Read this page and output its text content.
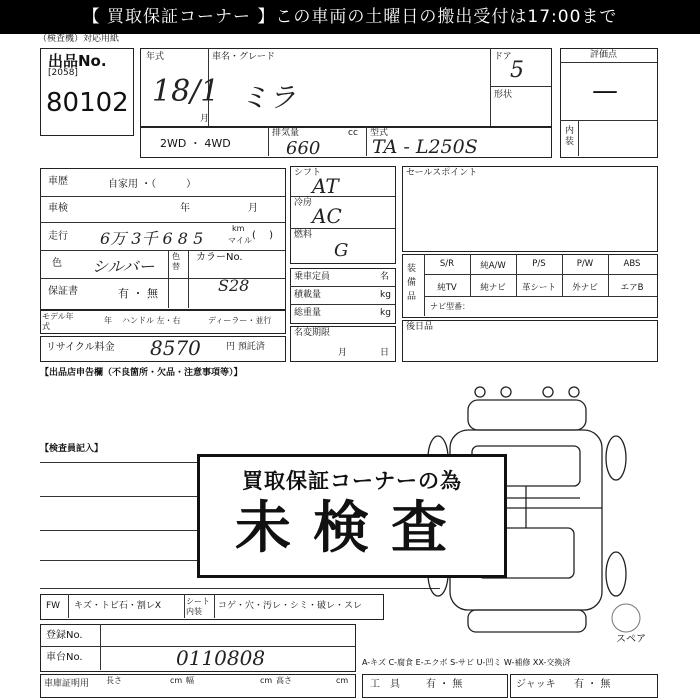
【 買取保証コーナー 】この車両の土曜日の搬出受付は17:00まで
（検査機）対応用紙
出品No.
[2058]
80102
年式
18/1
月
車名・グレード
ミラ
ドア
5
形状
評価点
—
内装
2WD ・ 4WD
排気量	cc
660
型式
TA - L250S
車歴	自家用 ・（　　　）
車検	年	月
走行 6万 3千 6 8 5
km
マイル ( 　)
色 シルバー
色替
カラーNo.
S28
保証書	有 ・ 無
モデル年式
年 ハンドル 左・右	ディーラー・並行
リサイクル料金 8570	円 預託済
シフト
AT
冷房
AC
燃料
G
乗車定員	名
積載量	kg
総重量	kg
名変期限
月	日
セールスポイント
装備品
S/R	純A/W	P/S	P/W	ABS
純TV	純ナビ	革シート	外ナビ	エアB
ナビ型番：
後日品
【出品店申告欄（不良箇所・欠品・注意事項等）】
【検査員記入】
スペア
買取保証コーナーの為
未検査
FW キズ・トビ石・割レX	シート内装
コゲ・穴・汚レ・シミ・破レ・スレ
登録No.
車台No.	0110808
車庫証明用 長さ	cm 幅	cm 高さ	cm
A-キズ C-腐食 E-エクボ S-サビ U-凹ミ W-補修 XX-交換済
工　具	有 ・ 無	ジャッキ 有 ・ 無
